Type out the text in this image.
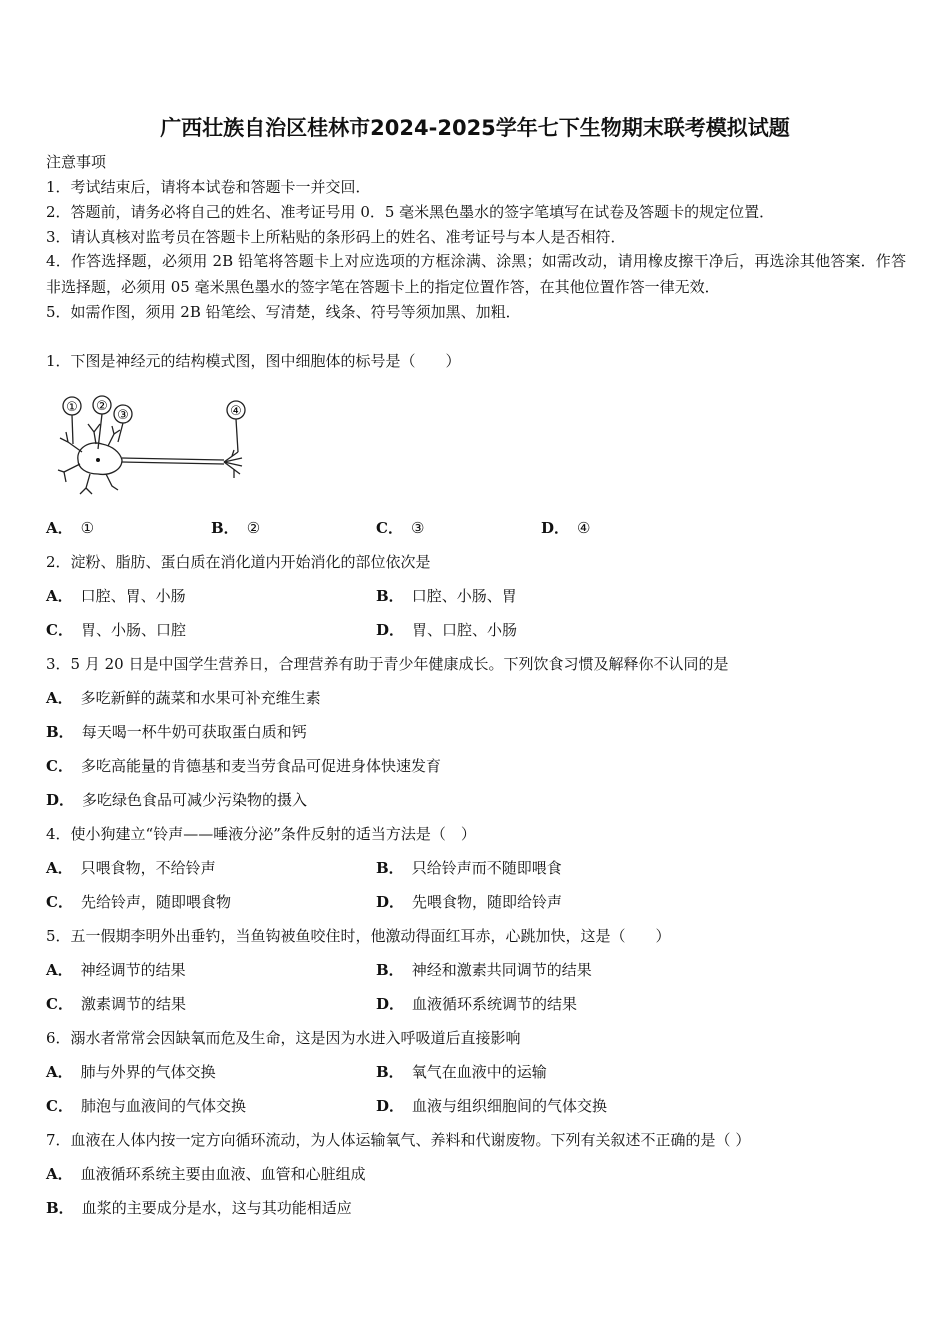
广西壮族自治区桂林市2024-2025学年七下生物期末联考模拟试题
注意事项
1．考试结束后，请将本试卷和答题卡一并交回．
2．答题前，请务必将自己的姓名、准考证号用 0．5 毫米黑色墨水的签字笔填写在试卷及答题卡的规定位置．
3．请认真核对监考员在答题卡上所粘贴的条形码上的姓名、准考证号与本人是否相符．
4．作答选择题，必须用 2B 铅笔将答题卡上对应选项的方框涂满、涂黑；如需改动，请用橡皮擦干净后，再选涂其他答案．作答非选择题，必须用 05 毫米黑色墨水的签字笔在答题卡上的指定位置作答，在其他位置作答一律无效．
5．如需作图，须用 2B 铅笔绘、写清楚，线条、符号等须加黑、加粗．
1．下图是神经元的结构模式图，图中细胞体的标号是（　　）
① ②
③	④
A． ①	B． ②	C． ③	D． ④
2．淀粉、脂肪、蛋白质在消化道内开始消化的部位依次是
A． 口腔、胃、小肠	B． 口腔、小肠、胃
C． 胃、小肠、口腔	D． 胃、口腔、小肠
3．5 月 20 日是中国学生营养日，合理营养有助于青少年健康成长。下列饮食习惯及解释你不认同的是
A． 多吃新鲜的蔬菜和水果可补充维生素
B． 每天喝一杯牛奶可获取蛋白质和钙
C． 多吃高能量的肯德基和麦当劳食品可促进身体快速发育
D． 多吃绿色食品可减少污染物的摄入
4．使小狗建立“铃声——唾液分泌”条件反射的适当方法是（　）
A． 只喂食物，不给铃声	B． 只给铃声而不随即喂食
C． 先给铃声，随即喂食物	D． 先喂食物，随即给铃声
5．五一假期李明外出垂钓，当鱼钩被鱼咬住时，他激动得面红耳赤，心跳加快，这是（　　）
A． 神经调节的结果	B． 神经和激素共同调节的结果
C． 激素调节的结果	D． 血液循环系统调节的结果
6．溺水者常常会因缺氧而危及生命，这是因为水进入呼吸道后直接影响
A． 肺与外界的气体交换	B． 氧气在血液中的运输
C． 肺泡与血液间的气体交换	D． 血液与组织细胞间的气体交换
7．血液在人体内按一定方向循环流动，为人体运输氧气、养料和代谢废物。下列有关叙述不正确的是（ ）
A． 血液循环系统主要由血液、血管和心脏组成
B． 血浆的主要成分是水，这与其功能相适应
